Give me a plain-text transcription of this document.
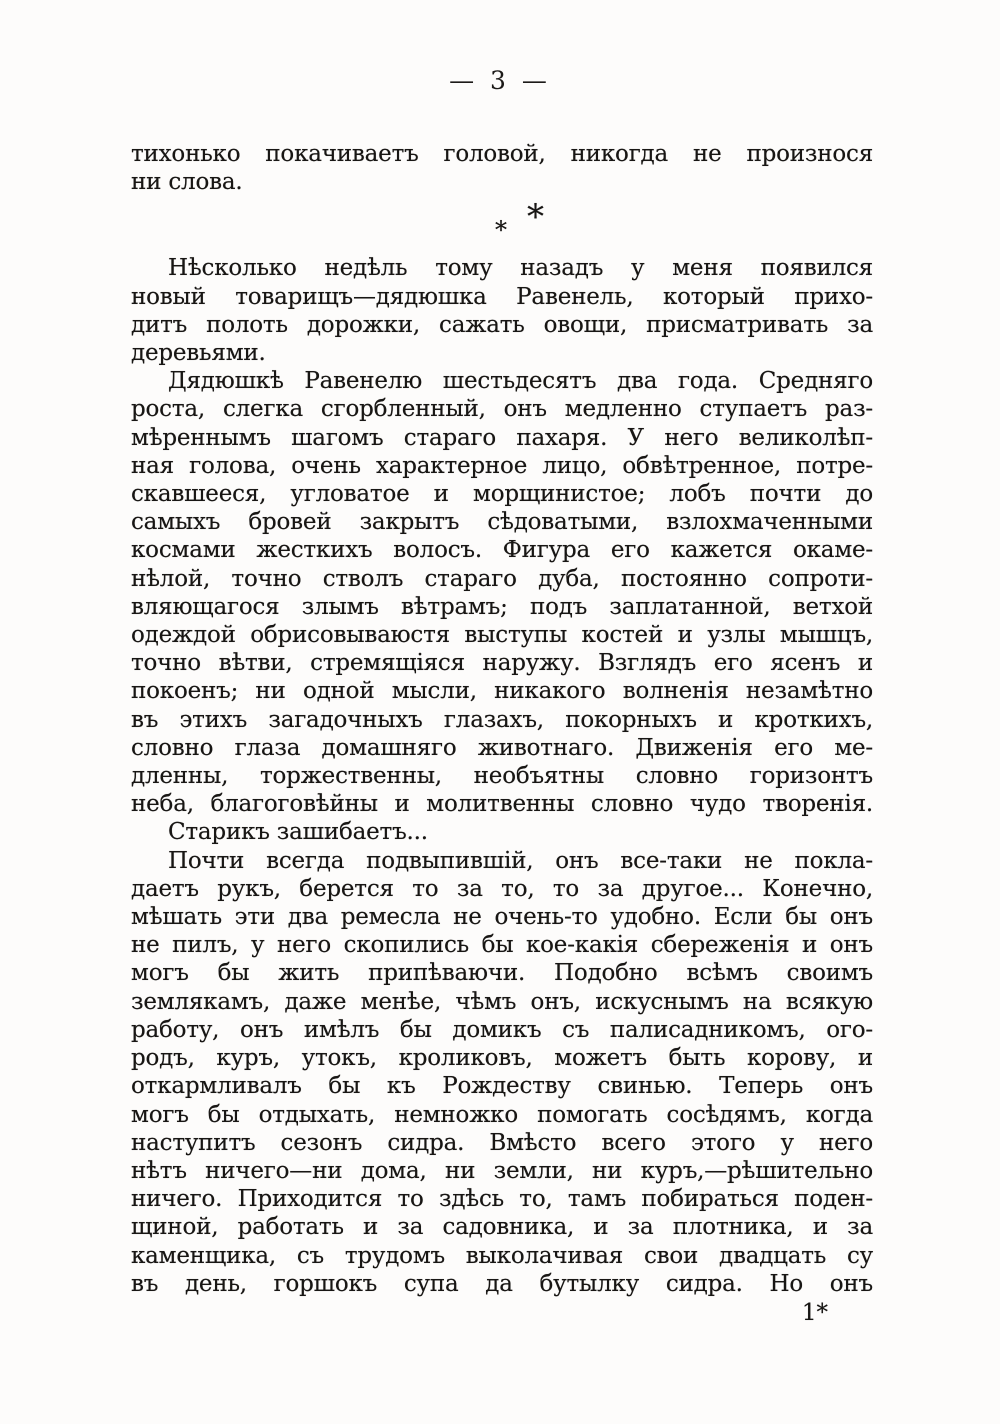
— 3 —
тихонько покачиваетъ головой, никогда не произнося
ни слова.
*
*
Нѣсколько недѣль тому назадъ у меня появился
новый товарищъ—дядюшка Равенель, который прихо-
дитъ полоть дорожки, сажать овощи, присматривать за
деревьями.
Дядюшкѣ Равенелю шестьдесятъ два года. Средняго
роста, слегка сгорбленный, онъ медленно ступаетъ раз-
мѣреннымъ шагомъ стараго пахаря. У него великолѣп-
ная голова, очень характерное лицо, обвѣтренное, потре-
скавшееся, угловатое и морщинистое; лобъ почти до
самыхъ бровей закрытъ сѣдоватыми, взлохмаченными
космами жесткихъ волосъ. Фигура его кажется окаме-
нѣлой, точно стволъ стараго дуба, постоянно сопроти-
вляющагося злымъ вѣтрамъ; подъ заплатанной, ветхой
одеждой обрисовываюстя выступы костей и узлы мышцъ,
точно вѣтви, стремящіяся наружу. Взглядъ его ясенъ и
покоенъ; ни одной мысли, никакого волненія незамѣтно
въ этихъ загадочныхъ глазахъ, покорныхъ и кроткихъ,
словно глаза домашняго животнаго. Движенія его ме-
дленны, торжественны, необъятны словно горизонтъ
неба, благоговѣйны и молитвенны словно чудо творенія.
Старикъ зашибаетъ...
Почти всегда подвыпившій, онъ все-таки не покла-
даетъ рукъ, берется то за то, то за другое... Конечно,
мѣшать эти два ремесла не очень-то удобно. Если бы онъ
не пилъ, у него скопились бы кое-какія сбереженія и онъ
могъ бы жить припѣваючи. Подобно всѣмъ своимъ
землякамъ, даже менѣе, чѣмъ онъ, искуснымъ на всякую
работу, онъ имѣлъ бы домикъ съ палисадникомъ, ого-
родъ, куръ, утокъ, кроликовъ, можетъ быть корову, и
откармливалъ бы къ Рождеству свинью. Теперь онъ
могъ бы отдыхать, немножко помогать сосѣдямъ, когда
наступитъ сезонъ сидра. Вмѣсто всего этого у него
нѣтъ ничего—ни дома, ни земли, ни куръ,—рѣшительно
ничего. Приходится то здѣсь то, тамъ побираться поден-
щиной, работать и за садовника, и за плотника, и за
каменщика, съ трудомъ выколачивая свои двадцать су
въ день, горшокъ супа да бутылку сидра. Но онъ
1*
